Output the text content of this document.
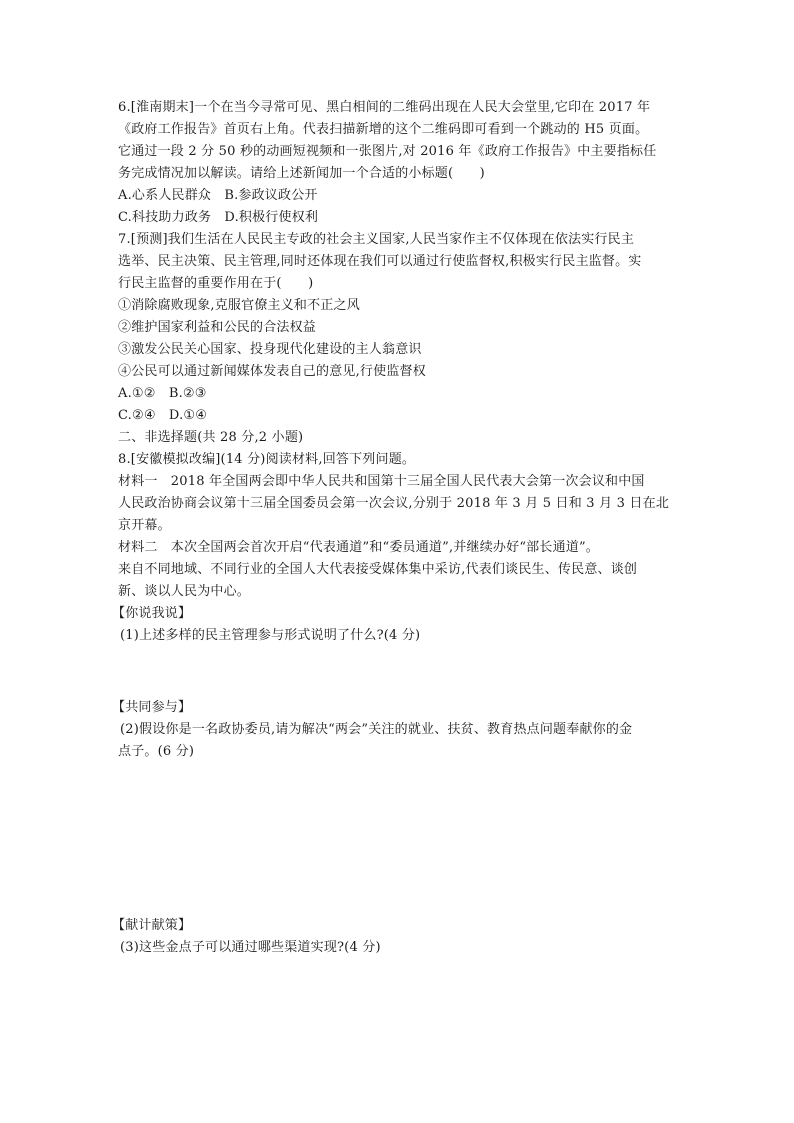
6.[淮南期末]一个在当今寻常可见、黑白相间的二维码出现在人民大会堂里,它印在 2017 年
《政府工作报告》首页右上角。代表扫描新增的这个二维码即可看到一个跳动的 H5 页面。
它通过一段 2 分 50 秒的动画短视频和一张图片,对 2016 年《政府工作报告》中主要指标任
务完成情况加以解读。请给上述新闻加一个合适的小标题(　　)
A.心系人民群众　B.参政议政公开
C.科技助力政务　D.积极行使权利
7.[预测]我们生活在人民民主专政的社会主义国家,人民当家作主不仅体现在依法实行民主
选举、民主决策、民主管理,同时还体现在我们可以通过行使监督权,积极实行民主监督。实
行民主监督的重要作用在于(　　)
①消除腐败现象,克服官僚主义和不正之风
②维护国家利益和公民的合法权益
③激发公民关心国家、投身现代化建设的主人翁意识
④公民可以通过新闻媒体发表自己的意见,行使监督权
A.①②　B.②③
C.②④　D.①④
二、非选择题(共 28 分,2 小题)
8.[安徽模拟改编](14 分)阅读材料,回答下列问题。
材料一　2018 年全国两会即中华人民共和国第十三届全国人民代表大会第一次会议和中国
人民政治协商会议第十三届全国委员会第一次会议,分别于 2018 年 3 月 5 日和 3 月 3 日在北
京开幕。
材料二　本次全国两会首次开启“代表通道”和“委员通道”,并继续办好“部长通道”。
来自不同地域、不同行业的全国人大代表接受媒体集中采访,代表们谈民生、传民意、谈创
新、谈以人民为中心。
【你说我说】
(1)上述多样的民主管理参与形式说明了什么?(4 分)
【共同参与】
(2)假设你是一名政协委员,请为解决“两会”关注的就业、扶贫、教育热点问题奉献你的金
点子。(6 分)
【献计献策】
(3)这些金点子可以通过哪些渠道实现?(4 分)
